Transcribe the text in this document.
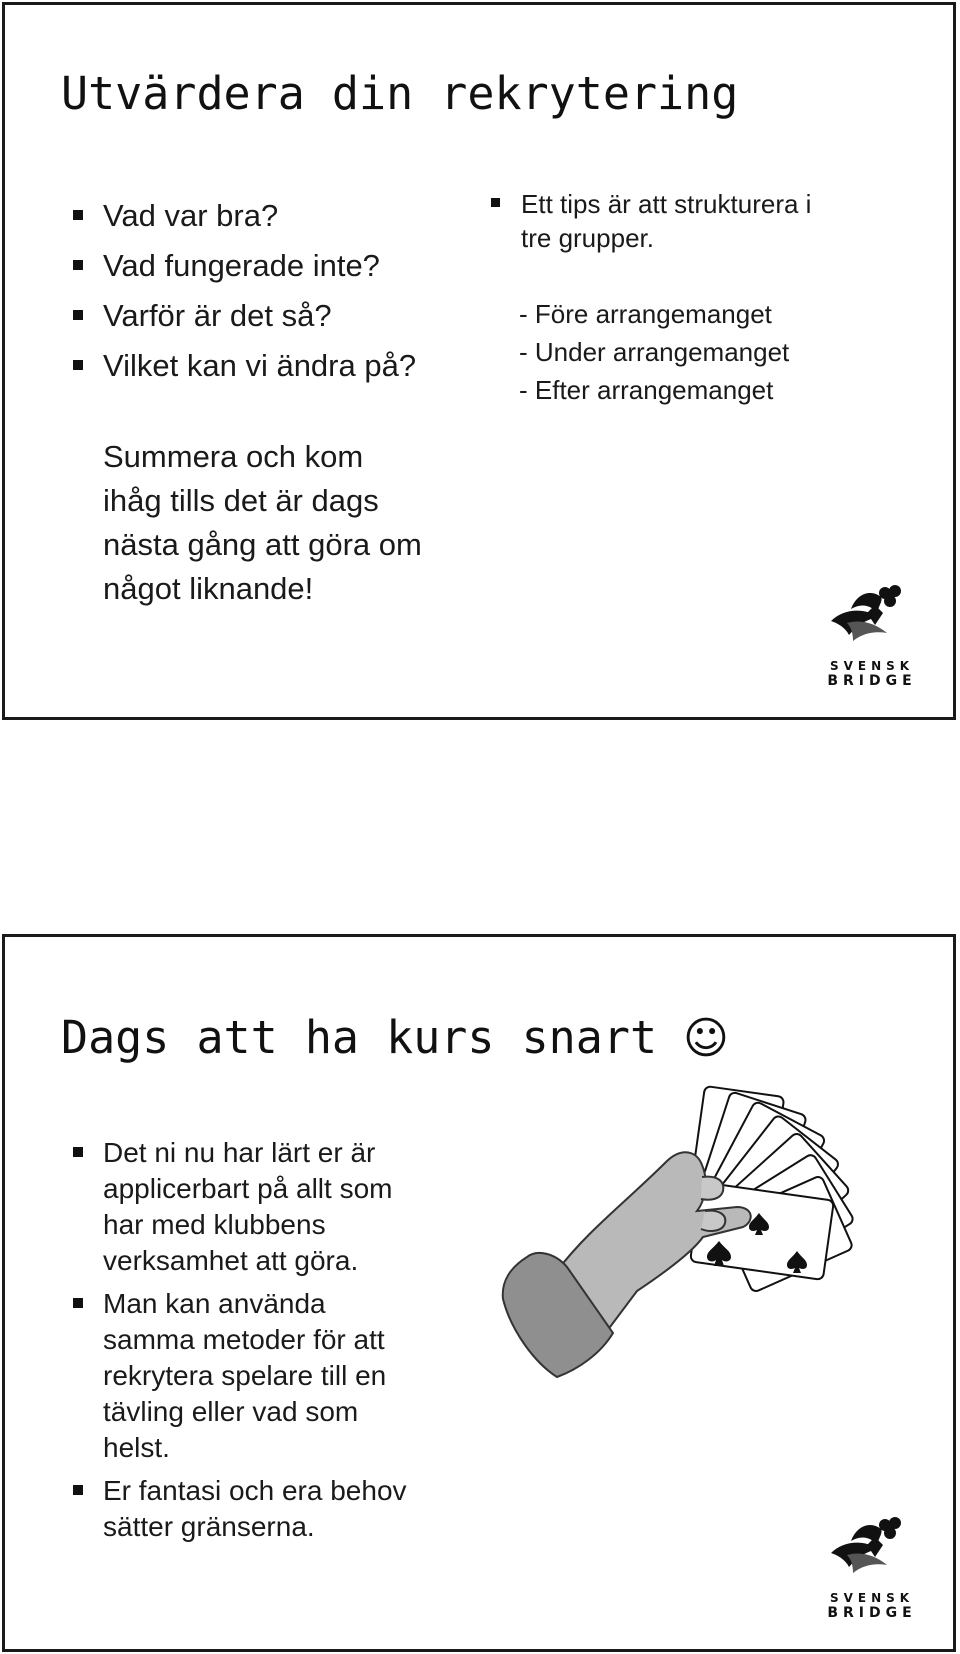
Utvärdera din rekrytering
Vad var bra?
Vad fungerade inte?
Varför är det så?
Vilket kan vi ändra på?
Summera och kom
ihåg tills det är dags
nästa gång att göra om
något liknande!
Ett tips är att strukturera i
tre grupper.
- Före arrangemanget
- Under arrangemanget
- Efter arrangemanget
SVENSK
BRIDGE
Dags att ha kurs snart ☺
Det ni nu har lärt er är
applicerbart på allt som
har med klubbens
verksamhet att göra.
Man kan använda
samma metoder för att
rekrytera spelare till en
tävling eller vad som
helst.
Er fantasi och era behov
sätter gränserna.
SVENSK
BRIDGE
